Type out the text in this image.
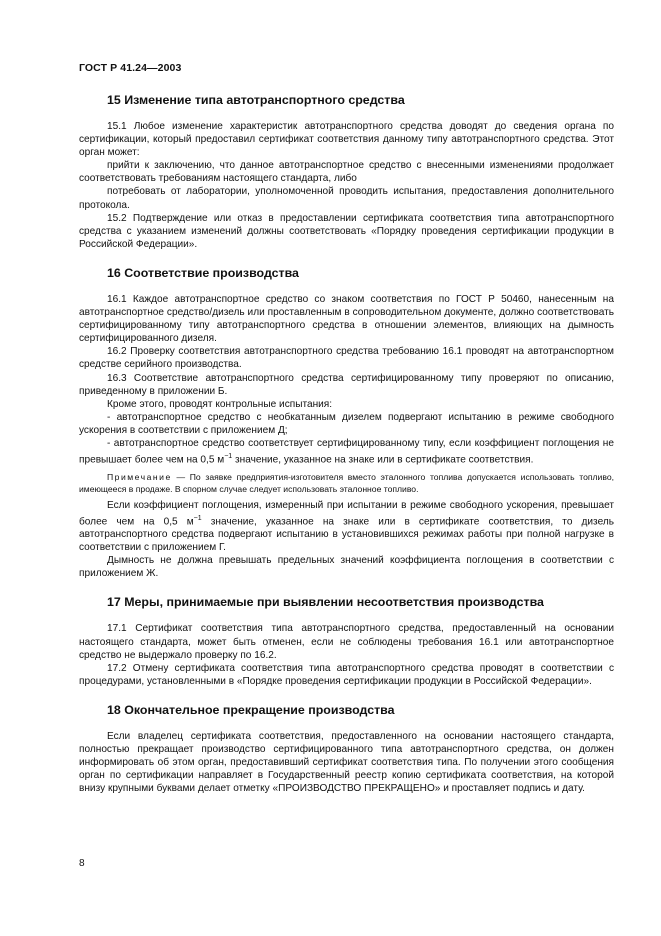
ГОСТ Р 41.24—2003
15 Изменение типа автотранспортного средства

15.1 Любое изменение характеристик автотранспортного средства доводят до сведения органа по сертификации, который предоставил сертификат соответствия данному типу автотранспортного средства. Этот орган может:

прийти к заключению, что данное автотранспортное средство с внесенными изменениями продолжает соответствовать требованиям настоящего стандарта, либо

потребовать от лаборатории, уполномоченной проводить испытания, предоставления дополнительного протокола.

15.2 Подтверждение или отказ в предоставлении сертификата соответствия типа автотранспортного средства с указанием изменений должны соответствовать «Порядку проведения сертификации продукции в Российской Федерации».

16 Соответствие производства

16.1 Каждое автотранспортное средство со знаком соответствия по ГОСТ Р 50460, нанесенным на автотранспортное средство/дизель или проставленным в сопроводительном документе, должно соответствовать сертифицированному типу автотранспортного средства в отношении элементов, влияющих на дымность сертифицированного дизеля.

16.2 Проверку соответствия автотранспортного средства требованию 16.1 проводят на автотранспортном средстве серийного производства.

16.3 Соответствие автотранспортного средства сертифицированному типу проверяют по описанию, приведенному в приложении Б.

Кроме этого, проводят контрольные испытания:

- автотранспортное средство с необкатанным дизелем подвергают испытанию в режиме свободного ускорения в соответствии с приложением Д;

- автотранспортное средство соответствует сертифицированному типу, если коэффициент поглощения не превышает более чем на 0,5 $м^{-1}$ значение, указанное на знаке или в сертификате соответствия.

Примечание — По заявке предприятия-изготовителя вместо эталонного топлива допускается использовать топливо, имеющееся в продаже. В спорном случае следует использовать эталонное топливо.

Если коэффициент поглощения, измеренный при испытании в режиме свободного ускорения, превышает более чем на 0,5 $м^{-1}$ значение, указанное на знаке или в сертификате соответствия, то дизель автотранспортного средства подвергают испытанию в установившихся режимах работы при полной нагрузке в соответствии с приложением Г.

Дымность не должна превышать предельных значений коэффициента поглощения в соответствии с приложением Ж.

17 Меры, принимаемые при выявлении несоответствия производства

17.1 Сертификат соответствия типа автотранспортного средства, предоставленный на основании настоящего стандарта, может быть отменен, если не соблюдены требования 16.1 или автотранспортное средство не выдержало проверку по 16.2.

17.2 Отмену сертификата соответствия типа автотранспортного средства проводят в соответствии с процедурами, установленными в «Порядке проведения сертификации продукции в Российской Федерации».

18 Окончательное прекращение производства

Если владелец сертификата соответствия, предоставленного на основании настоящего стандарта, полностью прекращает производство сертифицированного типа автотранспортного средства, он должен информировать об этом орган, предоставивший сертификат соответствия типа. По получении этого сообщения орган по сертификации направляет в Государственный реестр копию сертификата соответствия, на которой внизу крупными буквами делает отметку «ПРОИЗВОДСТВО ПРЕКРАЩЕНО» и проставляет подпись и дату.

8
